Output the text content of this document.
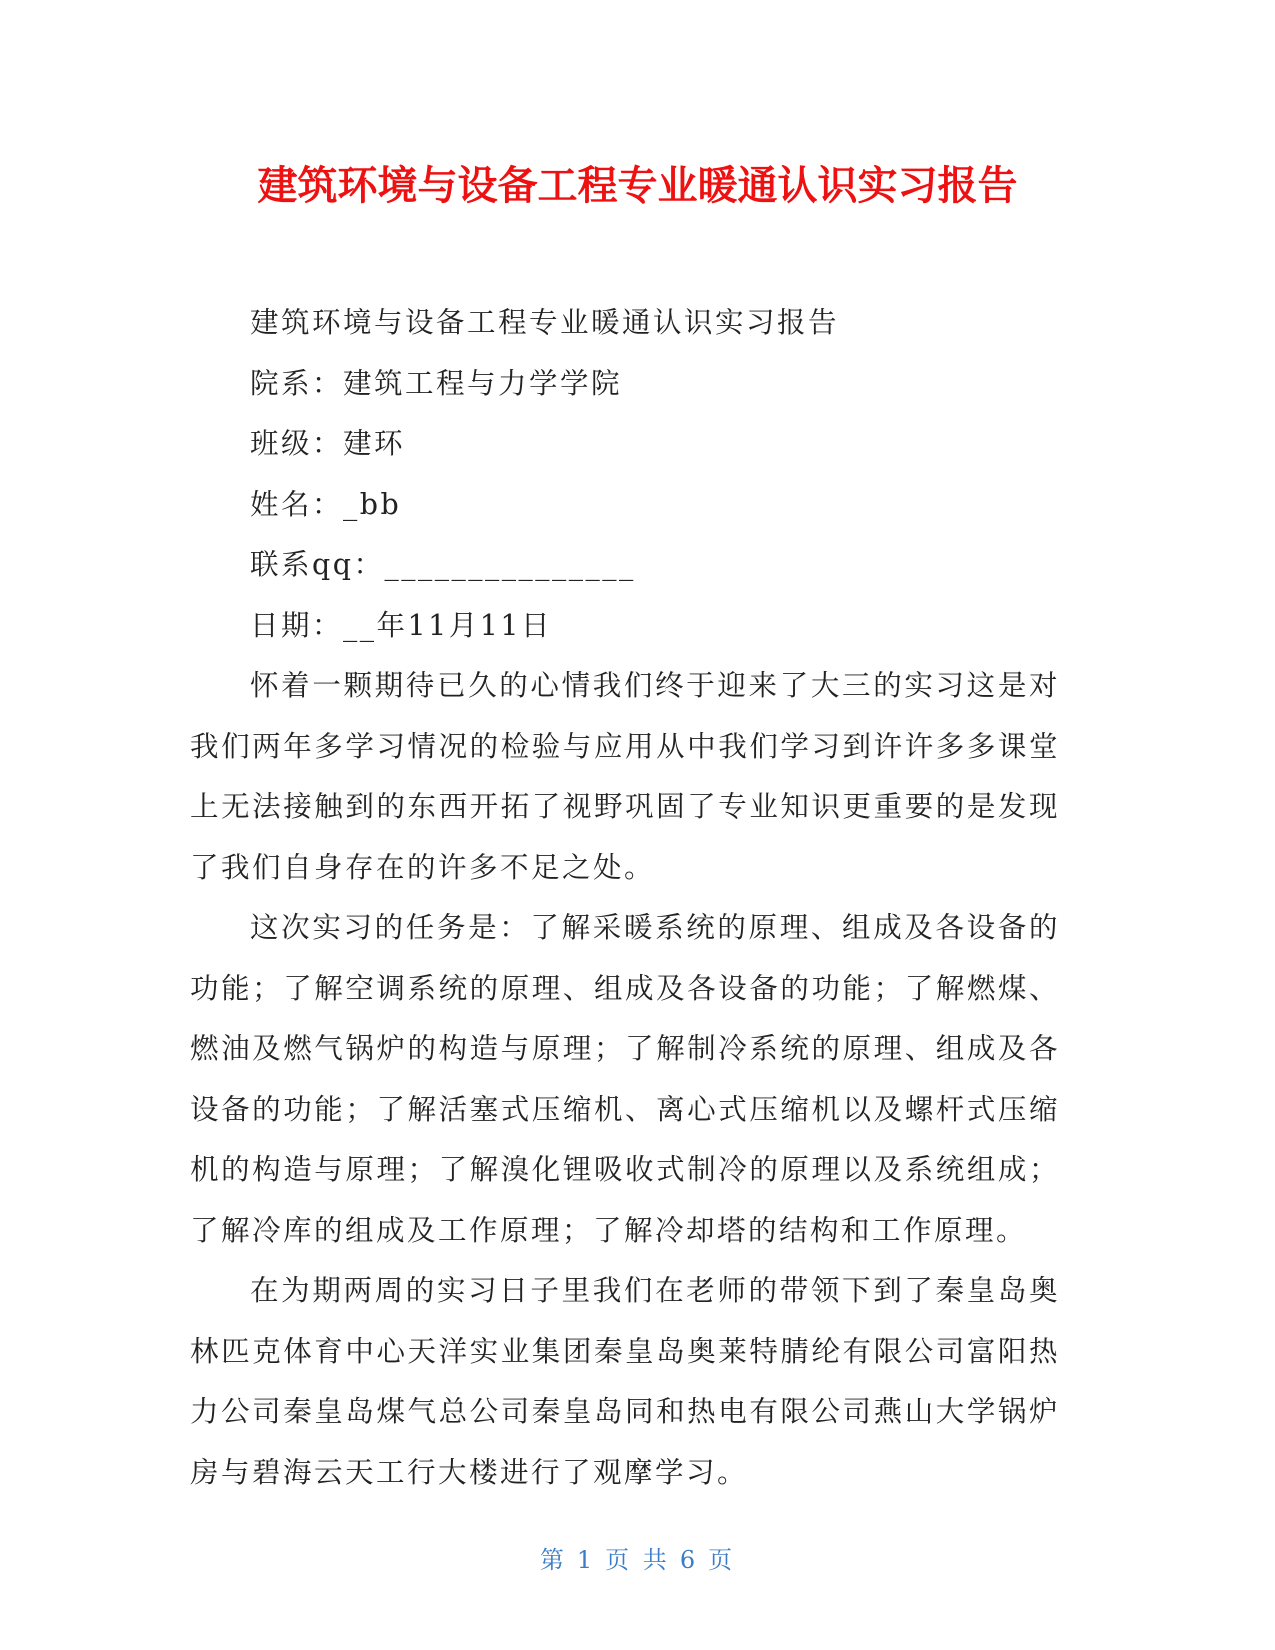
建筑环境与设备工程专业暖通认识实习报告

建筑环境与设备工程专业暖通认识实习报告

院系：建筑工程与力学学院

班级：建环

姓名：_bb

联系qq：_______________

日期：__年11月11日

怀着一颗期待已久的心情我们终于迎来了大三的实习这是对我们两年多学习情况的检验与应用从中我们学习到许许多多课堂上无法接触到的东西开拓了视野巩固了专业知识更重要的是发现了我们自身存在的许多不足之处。

这次实习的任务是：了解采暖系统的原理、组成及各设备的功能；了解空调系统的原理、组成及各设备的功能；了解燃煤、燃油及燃气锅炉的构造与原理；了解制冷系统的原理、组成及各设备的功能；了解活塞式压缩机、离心式压缩机以及螺杆式压缩机的构造与原理；了解溴化锂吸收式制冷的原理以及系统组成；了解冷库的组成及工作原理；了解冷却塔的结构和工作原理。

在为期两周的实习日子里我们在老师的带领下到了秦皇岛奥林匹克体育中心天洋实业集团秦皇岛奥莱特腈纶有限公司富阳热力公司秦皇岛煤气总公司秦皇岛同和热电有限公司燕山大学锅炉房与碧海云天工行大楼进行了观摩学习。

第 1 页 共 6 页
